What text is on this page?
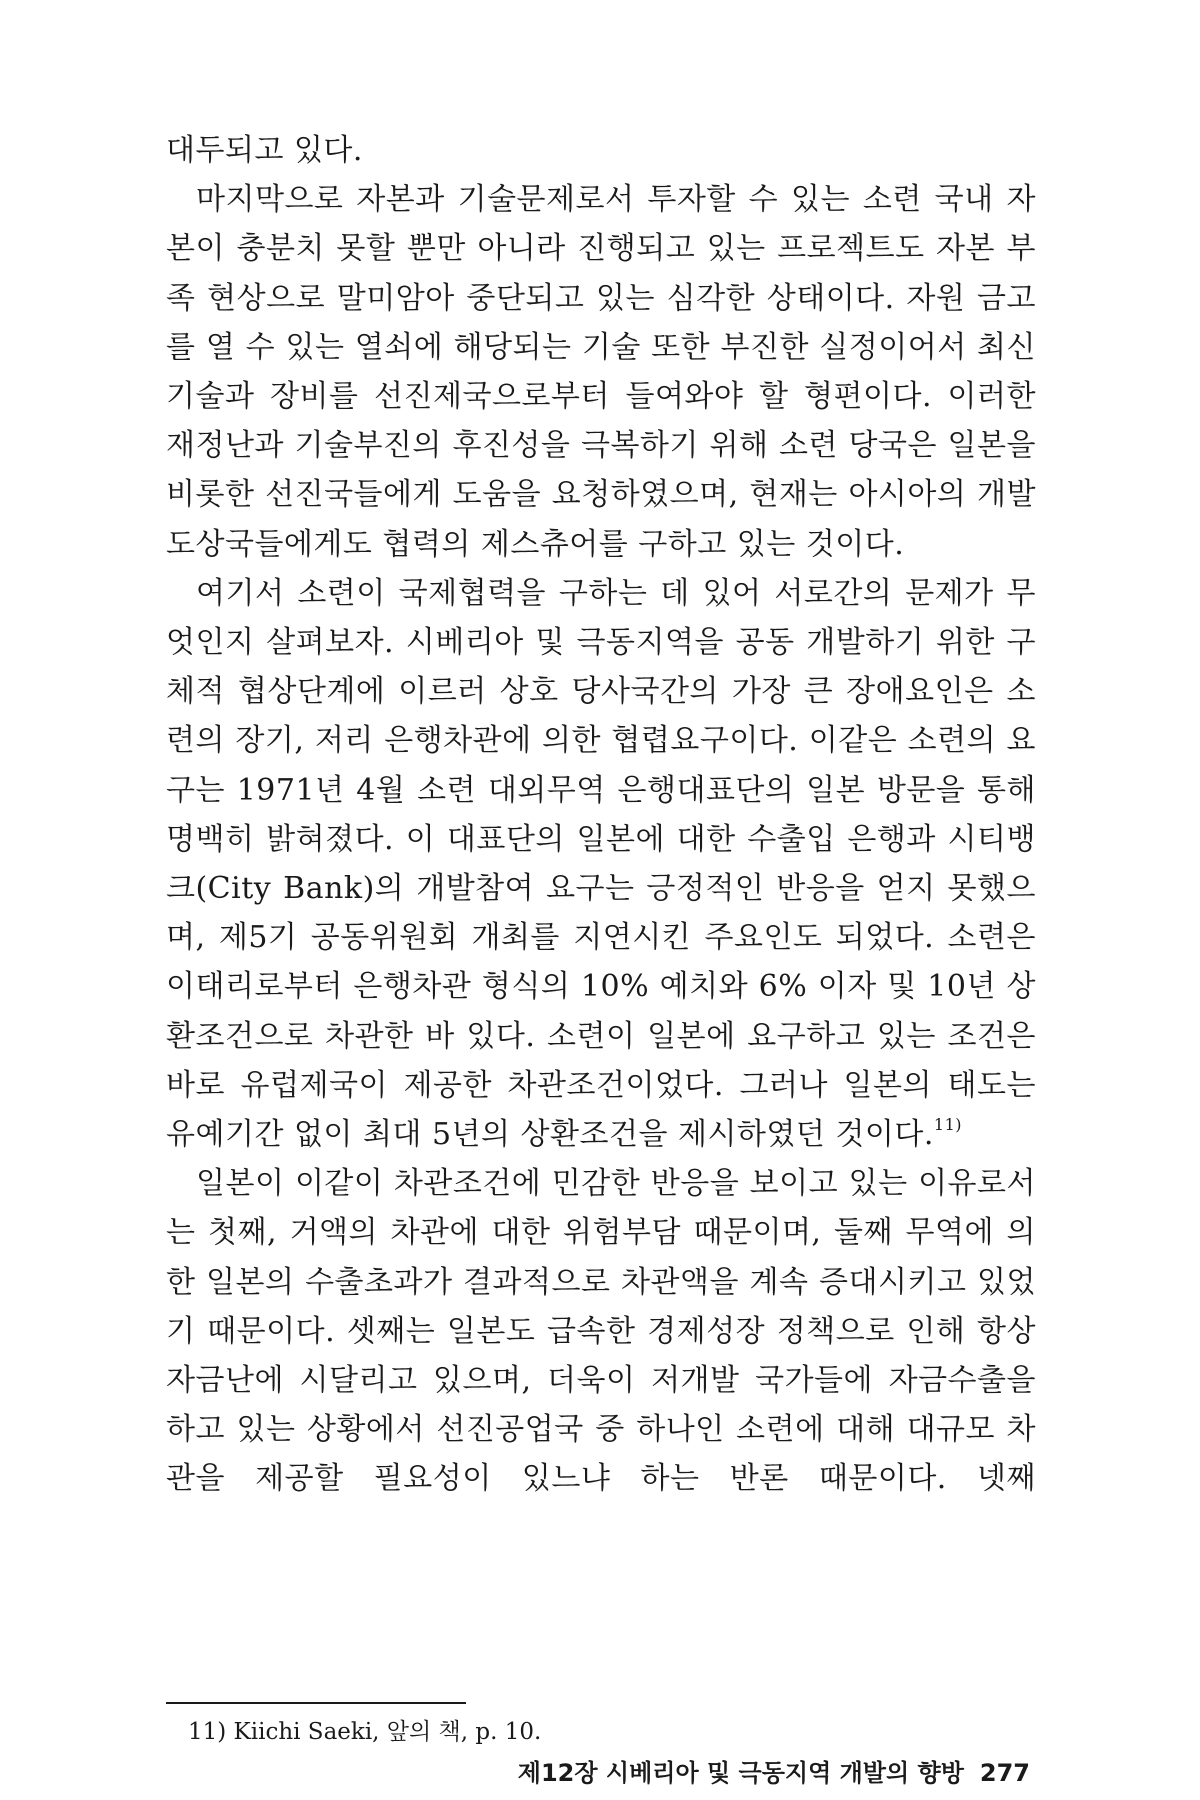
대두되고 있다.

마지막으로 자본과 기술문제로서 투자할 수 있는 소련 국내 자본이 충분치 못할 뿐만 아니라 진행되고 있는 프로젝트도 자본 부족 현상으로 말미암아 중단되고 있는 심각한 상태이다. 자원 금고를 열 수 있는 열쇠에 해당되는 기술 또한 부진한 실정이어서 최신 기술과 장비를 선진제국으로부터 들여와야 할 형편이다. 이러한 재정난과 기술부진의 후진성을 극복하기 위해 소련 당국은 일본을 비롯한 선진국들에게 도움을 요청하였으며, 현재는 아시아의 개발도상국들에게도 협력의 제스츄어를 구하고 있는 것이다.

여기서 소련이 국제협력을 구하는 데 있어 서로간의 문제가 무엇인지 살펴보자. 시베리아 및 극동지역을 공동 개발하기 위한 구체적 협상단계에 이르러 상호 당사국간의 가장 큰 장애요인은 소련의 장기, 저리 은행차관에 의한 협렵요구이다. 이같은 소련의 요구는 1971년 4월 소련 대외무역 은행대표단의 일본 방문을 통해 명백히 밝혀졌다. 이 대표단의 일본에 대한 수출입 은행과 시티뱅크(City Bank)의 개발참여 요구는 긍정적인 반응을 얻지 못했으며, 제5기 공동위원회 개최를 지연시킨 주요인도 되었다. 소련은 이태리로부터 은행차관 형식의 10% 예치와 6% 이자 및 10년 상환조건으로 차관한 바 있다. 소련이 일본에 요구하고 있는 조건은 바로 유럽제국이 제공한 차관조건이었다. 그러나 일본의 태도는 유예기간 없이 최대 5년의 상환조건을 제시하였던 것이다.$^{11)}$

일본이 이같이 차관조건에 민감한 반응을 보이고 있는 이유로서는 첫째, 거액의 차관에 대한 위험부담 때문이며, 둘째 무역에 의한 일본의 수출초과가 결과적으로 차관액을 계속 증대시키고 있었기 때문이다. 셋째는 일본도 급속한 경제성장 정책으로 인해 항상 자금난에 시달리고 있으며, 더욱이 저개발 국가들에 자금수출을 하고 있는 상황에서 선진공업국 중 하나인 소련에 대해 대규모 차관을 제공할 필요성이 있느냐 하는 반론 때문이다. 넷째

11) Kiichi Saeki, 앞의 책, p. 10.

제12장 시베리아 및 극동지역 개발의 향방 277
